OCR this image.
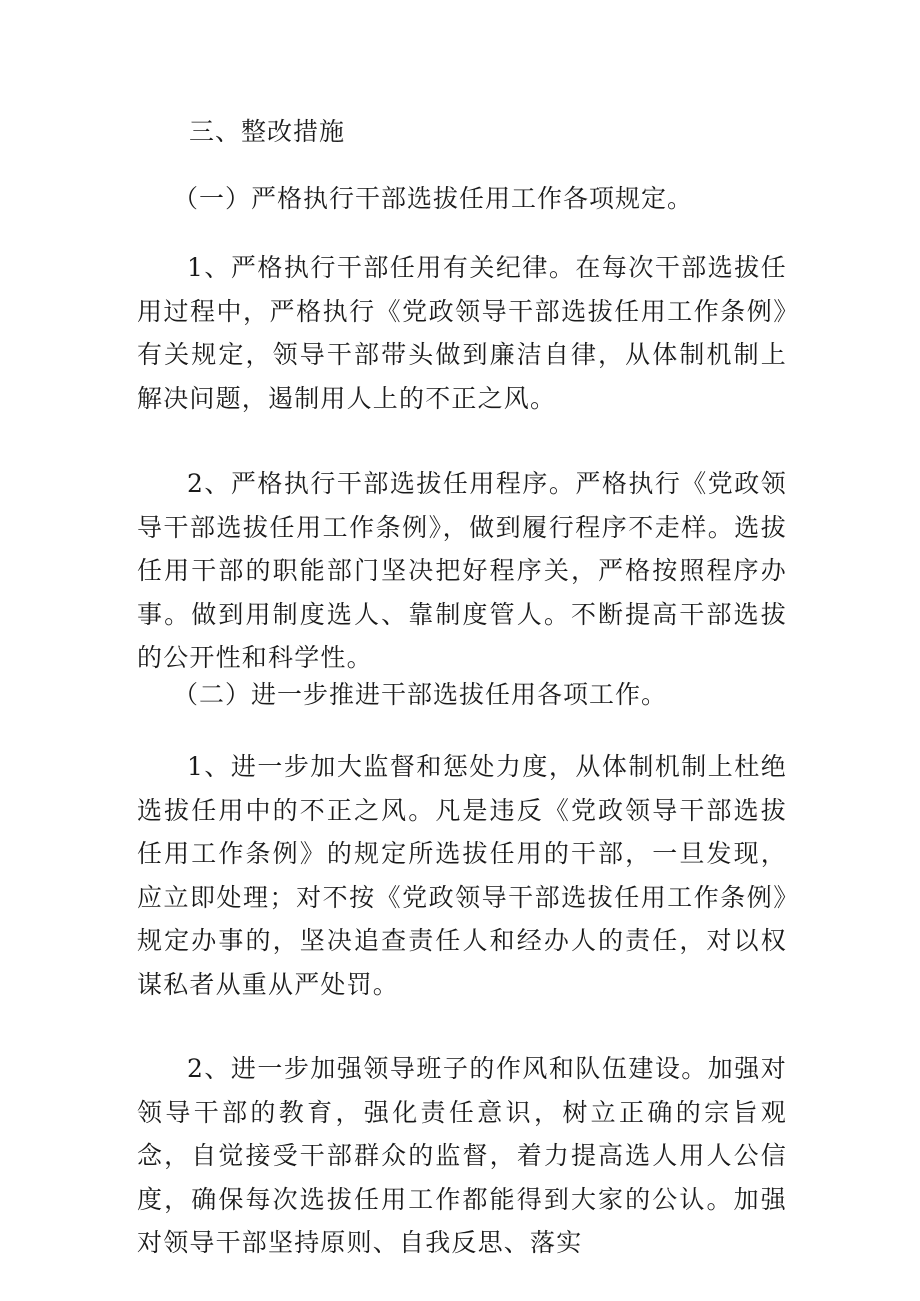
三、整改措施
（一）严格执行干部选拔任用工作各项规定。

1、严格执行干部任用有关纪律。在每次干部选拔任用过程中，严格执行《党政领导干部选拔任用工作条例》有关规定，领导干部带头做到廉洁自律，从体制机制上解决问题，遏制用人上的不正之风。

2、严格执行干部选拔任用程序。严格执行《党政领导干部选拔任用工作条例》，做到履行程序不走样。选拔任用干部的职能部门坚决把好程序关，严格按照程序办事。做到用制度选人、靠制度管人。不断提高干部选拔的公开性和科学性。

（二）进一步推进干部选拔任用各项工作。

1、进一步加大监督和惩处力度，从体制机制上杜绝选拔任用中的不正之风。凡是违反《党政领导干部选拔任用工作条例》的规定所选拔任用的干部，一旦发现，应立即处理；对不按《党政领导干部选拔任用工作条例》规定办事的，坚决追查责任人和经办人的责任，对以权谋私者从重从严处罚。

2、进一步加强领导班子的作风和队伍建设。加强对领导干部的教育，强化责任意识，树立正确的宗旨观念，自觉接受干部群众的监督，着力提高选人用人公信度，确保每次选拔任用工作都能得到大家的公认。加强对领导干部坚持原则、自我反思、落实
